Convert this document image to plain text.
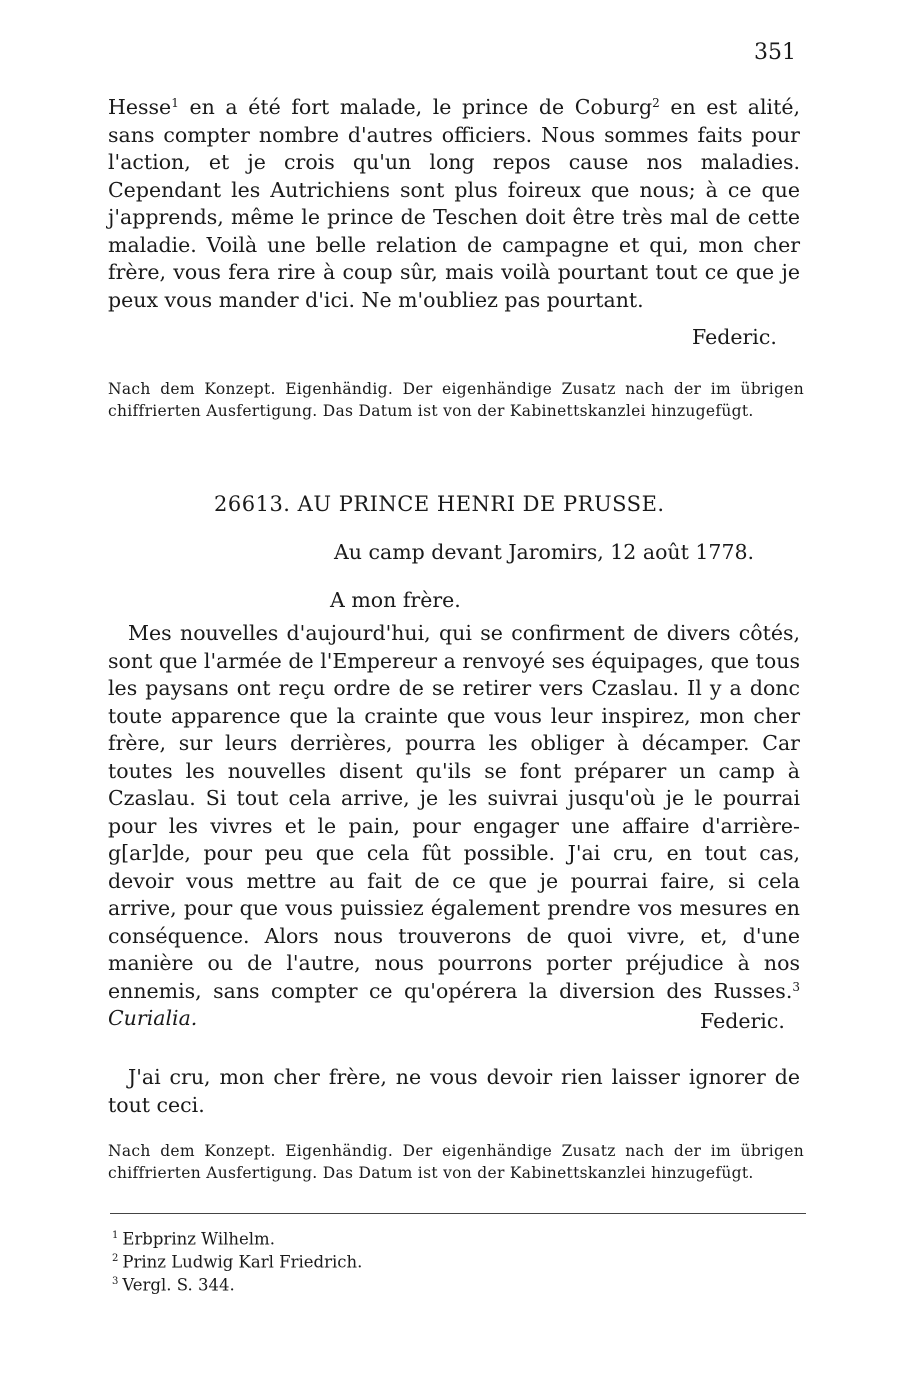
351
Hesse$^1$ en a été fort malade, le prince de Coburg$^2$ en est alité, sans compter nombre d'autres officiers. Nous sommes faits pour l'action, et je crois qu'un long repos cause nos maladies. Cependant les Autrichiens sont plus foireux que nous; à ce que j'apprends, même le prince de Teschen doit être très mal de cette maladie. Voilà une belle relation de campagne et qui, mon cher frère, vous fera rire à coup sûr, mais voilà pourtant tout ce que je peux vous mander d'ici. Ne m'oubliez pas pourtant.
Federic.
Nach dem Konzept. Eigenhändig. Der eigenhändige Zusatz nach der im übrigen chiffrierten Ausfertigung. Das Datum ist von der Kabinettskanzlei hinzugefügt.
26613. AU PRINCE HENRI DE PRUSSE.
Au camp devant Jaromirs, 12 août 1778.
A mon frère.
Mes nouvelles d'aujourd'hui, qui se confirment de divers côtés, sont que l'armée de l'Empereur a renvoyé ses équipages, que tous les paysans ont reçu ordre de se retirer vers Czaslau. Il y a donc toute apparence que la crainte que vous leur inspirez, mon cher frère, sur leurs derrières, pourra les obliger à décamper. Car toutes les nouvelles disent qu'ils se font préparer un camp à Czaslau. Si tout cela arrive, je les suivrai jusqu'où je le pourrai pour les vivres et le pain, pour engager une affaire d'arrière-g[ar]de, pour peu que cela fût possible. J'ai cru, en tout cas, devoir vous mettre au fait de ce que je pourrai faire, si cela arrive, pour que vous puissiez également prendre vos mesures en conséquence. Alors nous trouverons de quoi vivre, et, d'une manière ou de l'autre, nous pourrons porter préjudice à nos ennemis, sans compter ce qu'opérera la diversion des Russes.$^3$ Curialia.	Federic.
J'ai cru, mon cher frère, ne vous devoir rien laisser ignorer de tout ceci.
Nach dem Konzept. Eigenhändig. Der eigenhändige Zusatz nach der im übrigen chiffrierten Ausfertigung. Das Datum ist von der Kabinettskanzlei hinzugefügt.
$^1$ Erbprinz Wilhelm.
$^2$ Prinz Ludwig Karl Friedrich.
$^3$ Vergl. S. 344.
